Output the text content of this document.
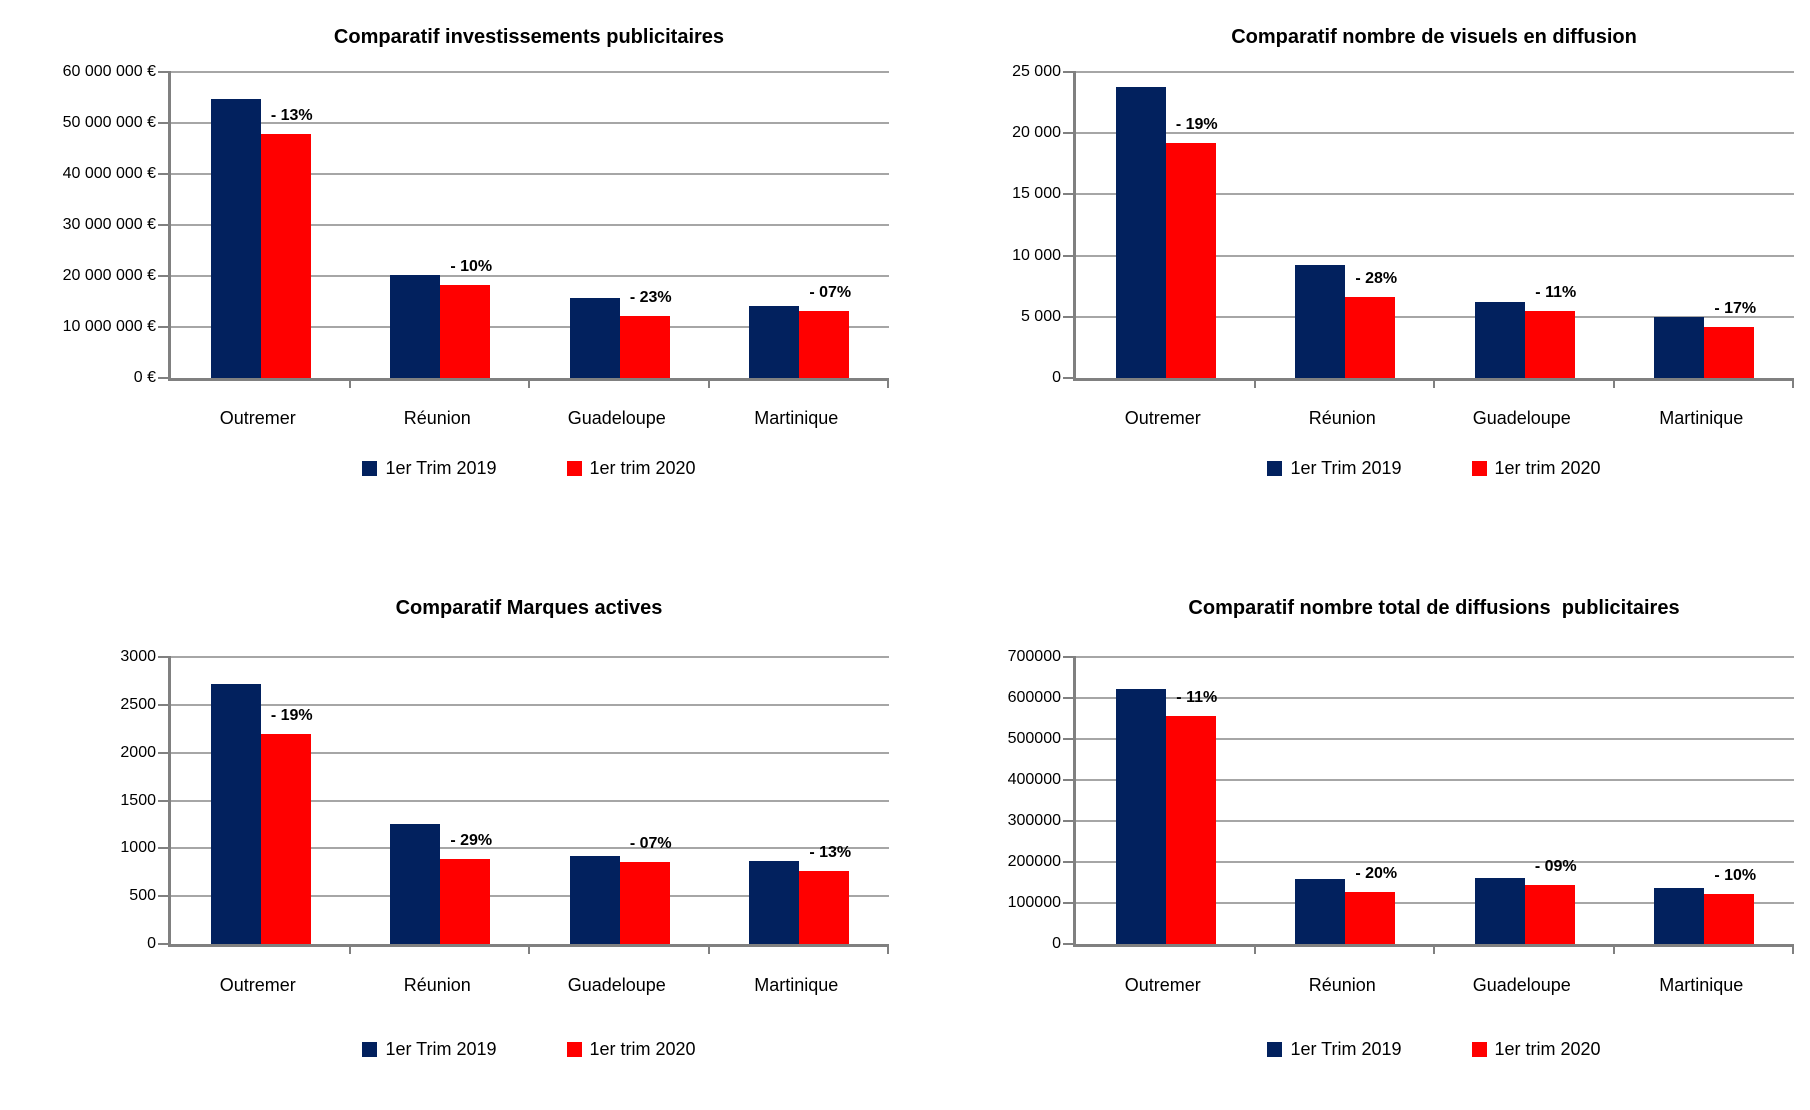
Comparatif investissements publicitaires
60 000 000 €
50 000 000 €
40 000 000 €
30 000 000 €
20 000 000 €
10 000 000 €
0 €
- 13%
- 10%
- 23%	- 07%
Outremer	Réunion	Guadeloupe	Martinique
1er Trim 2019	1er trim 2020
Comparatif nombre de visuels en diffusion
25 000
20 000
15 000
10 000
5 000
0
- 19%
- 28%
- 11%
- 17%
Outremer	Réunion	Guadeloupe	Martinique
1er Trim 2019	1er trim 2020
Comparatif Marques actives
3000
2500
2000
1500
1000
500
0
- 19%
- 29%	- 07%
- 13%
Outremer	Réunion	Guadeloupe	Martinique
1er Trim 2019	1er trim 2020
Comparatif nombre total de diffusions  publicitaires
700000
600000
500000
400000
300000
200000
100000
0
- 11%
- 20%	- 09%
- 10%
Outremer	Réunion	Guadeloupe	Martinique
1er Trim 2019	1er trim 2020
